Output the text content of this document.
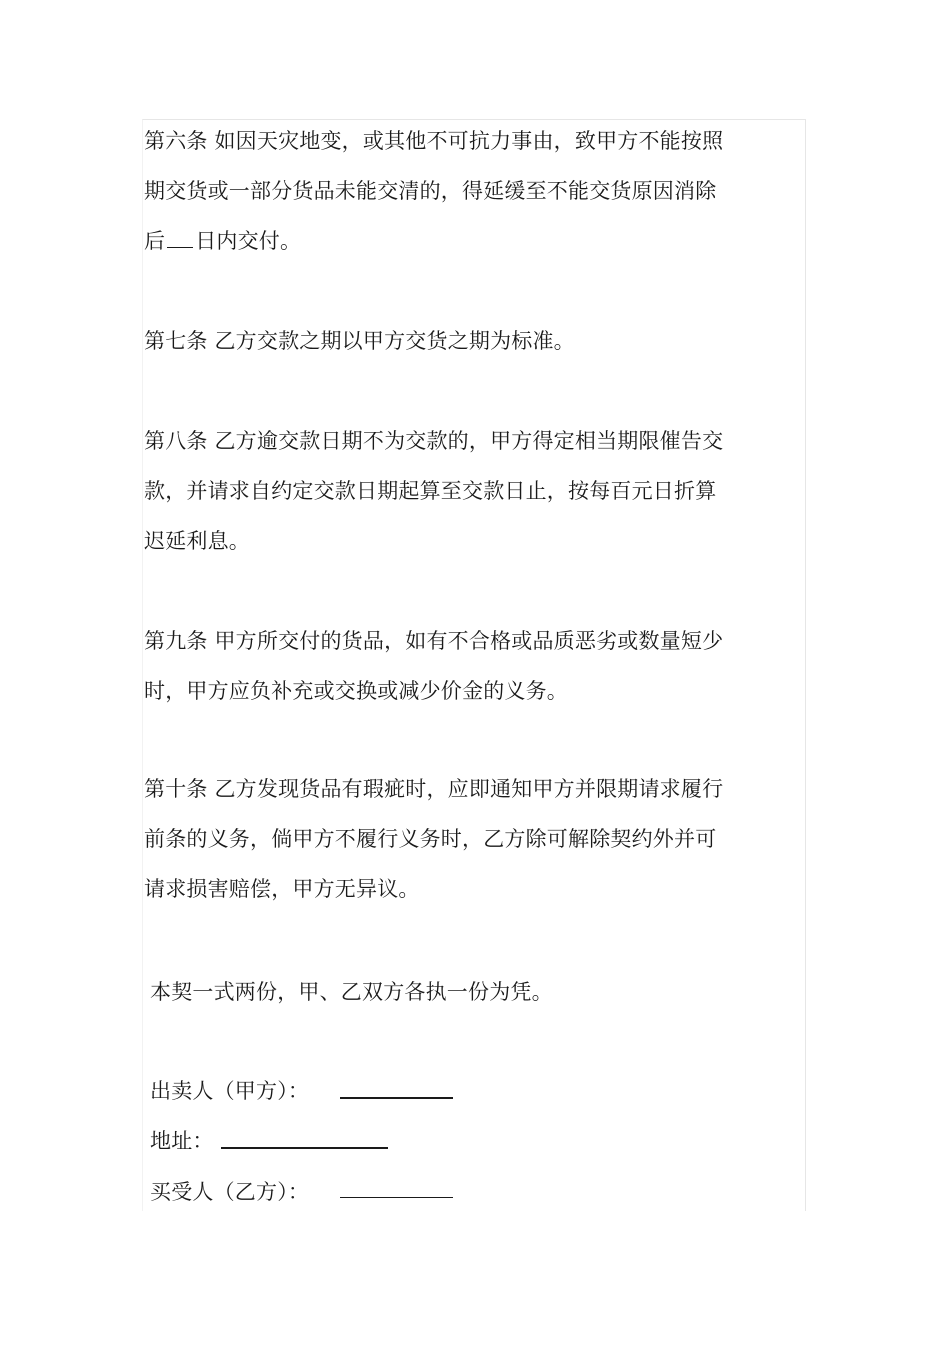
第六条 如因天灾地变，或其他不可抗力事由，致甲方不能按照
期交货或一部分货品未能交清的，得延缓至不能交货原因消除
后 日内交付。
第七条 乙方交款之期以甲方交货之期为标准。
第八条 乙方逾交款日期不为交款的，甲方得定相当期限催告交
款，并请求自约定交款日期起算至交款日止，按每百元日折算
迟延利息。
第九条 甲方所交付的货品，如有不合格或品质恶劣或数量短少
时，甲方应负补充或交换或减少价金的义务。
第十条 乙方发现货品有瑕疵时，应即通知甲方并限期请求履行
前条的义务，倘甲方不履行义务时，乙方除可解除契约外并可
请求损害赔偿，甲方无异议。
本契一式两份，甲、乙双方各执一份为凭。
出卖人（甲方）：
地址：
买受人（乙方）：
